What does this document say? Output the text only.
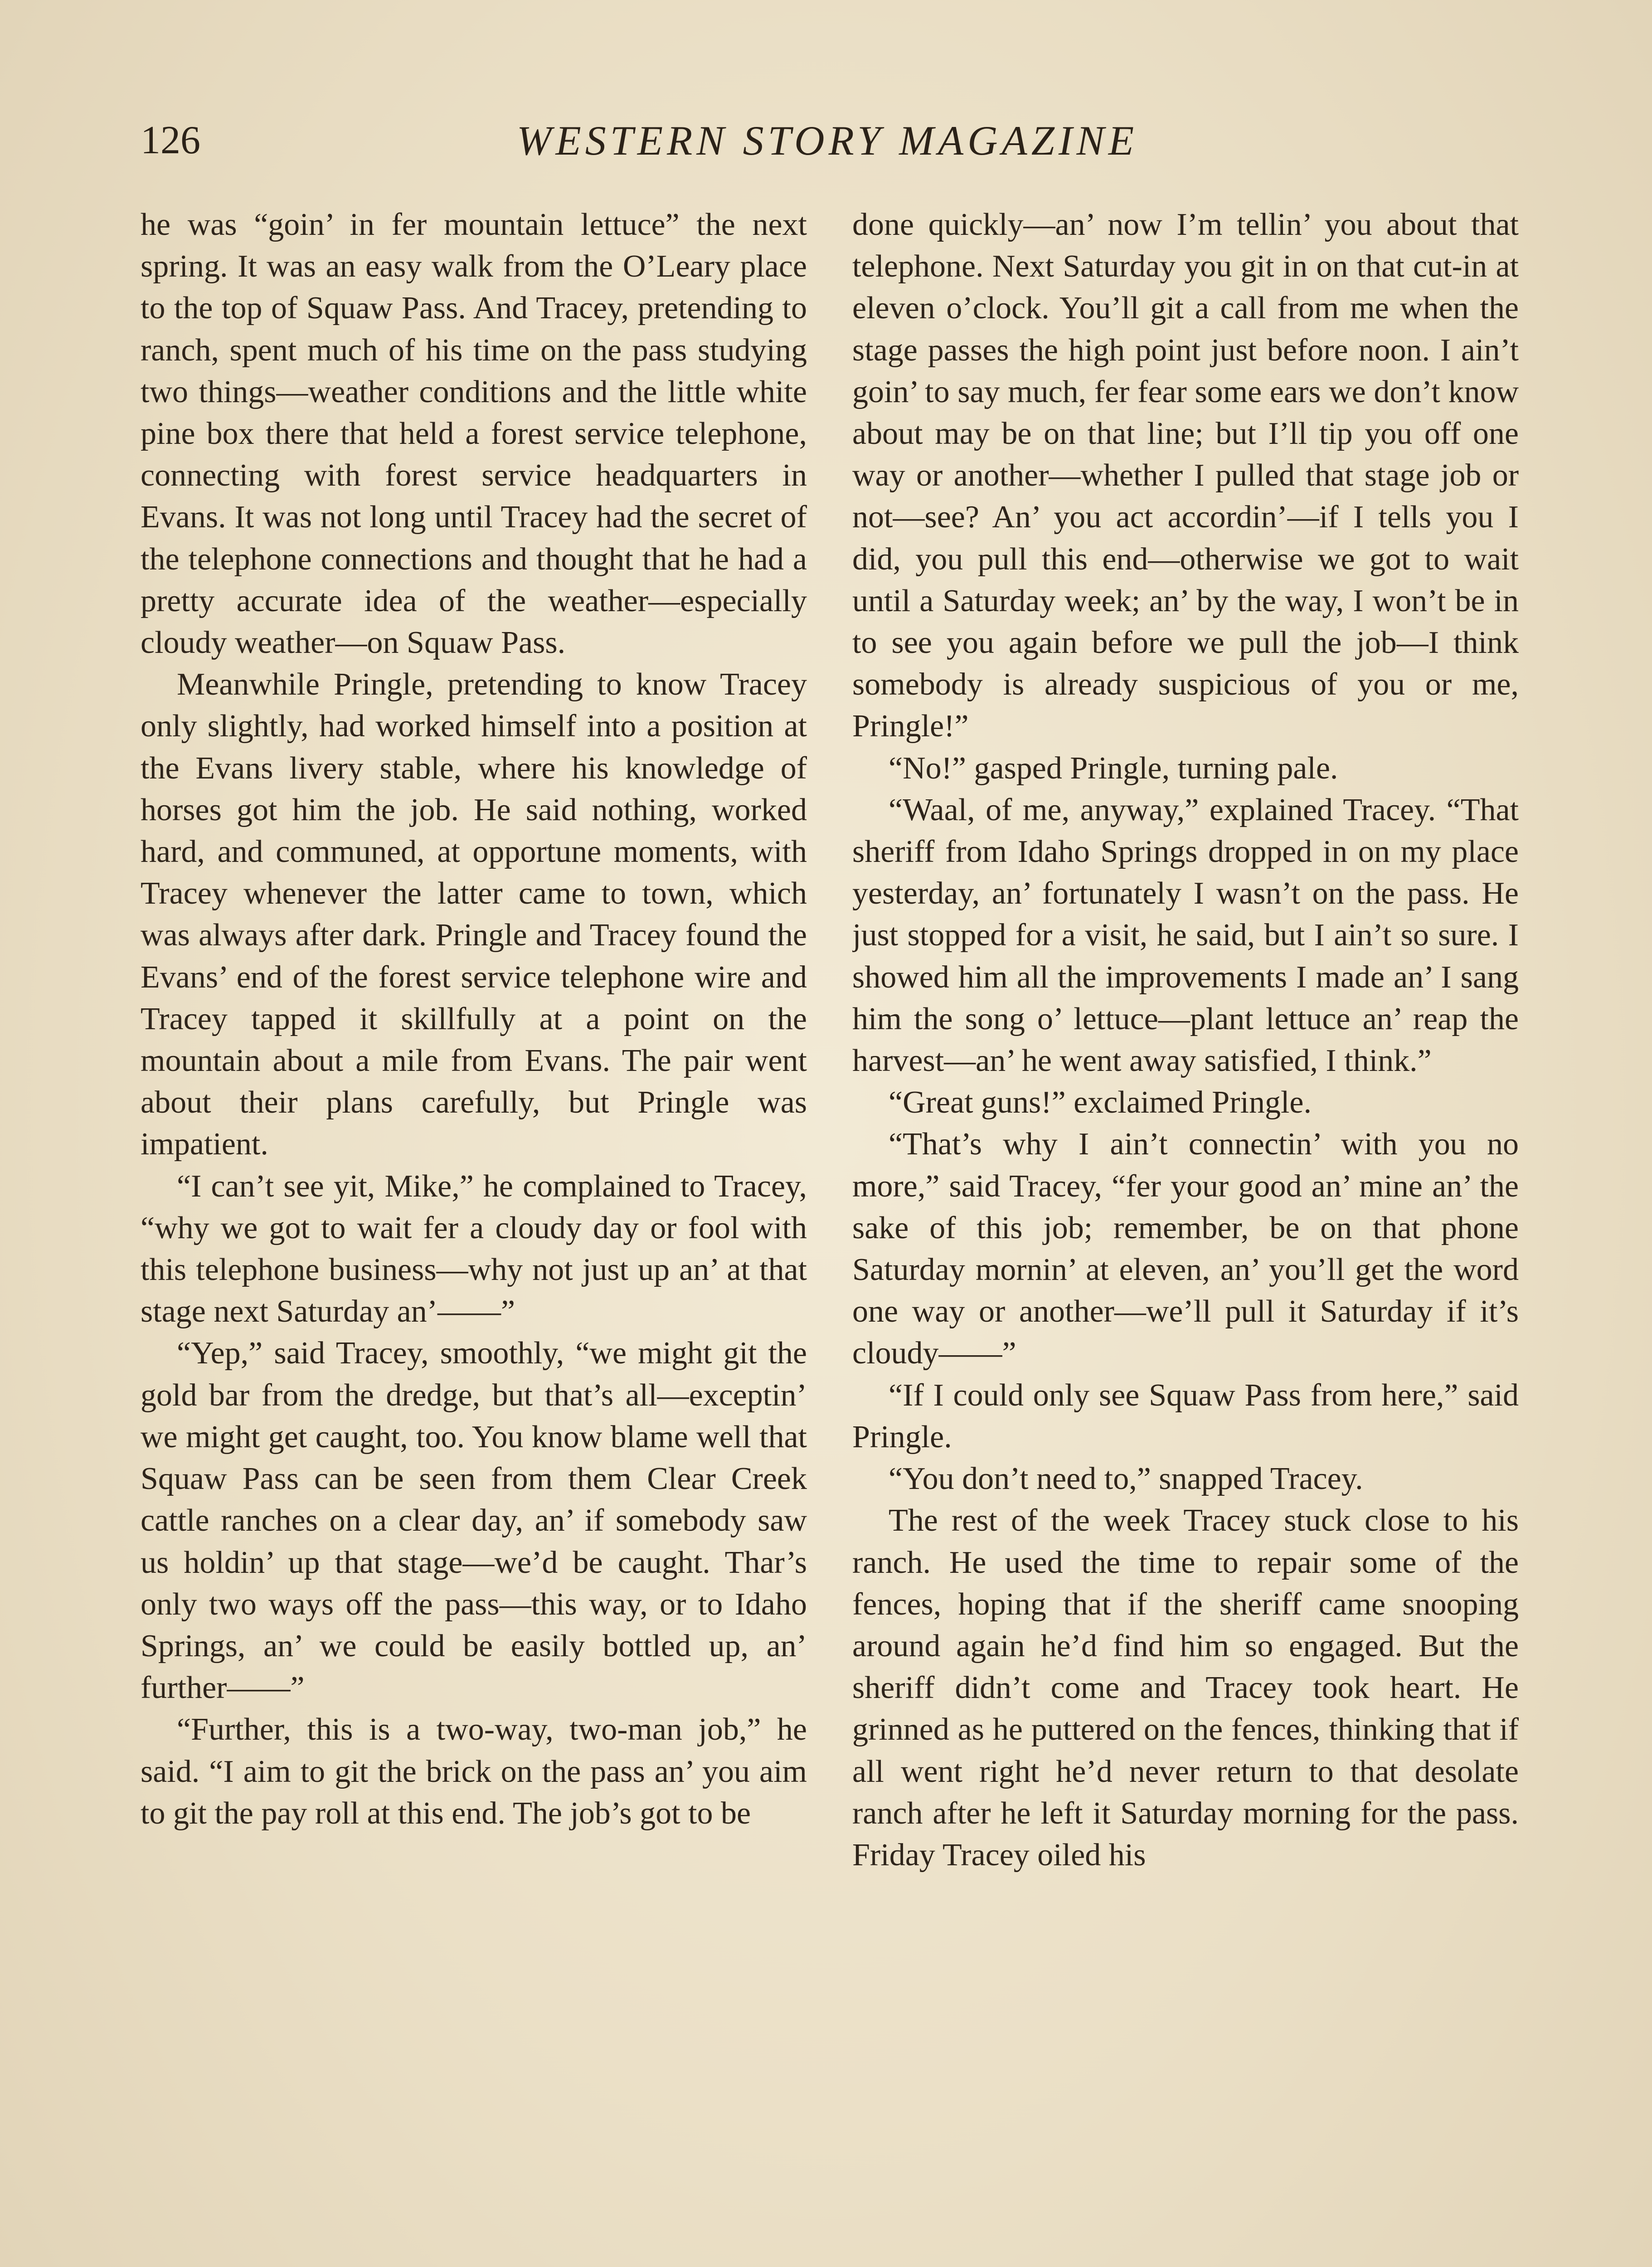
126	WESTERN STORY MAGAZINE

he was “goin’ in fer mountain lettuce” the next spring. It was an easy walk from the O’Leary place to the top of Squaw Pass. And Tracey, pretending to ranch, spent much of his time on the pass studying two things—weather conditions and the little white pine box there that held a forest service telephone, connecting with forest service headquarters in Evans. It was not long until Tracey had the secret of the telephone connections and thought that he had a pretty accurate idea of the weather—especially cloudy weather—on Squaw Pass.

Meanwhile Pringle, pretending to know Tracey only slightly, had worked himself into a position at the Evans livery stable, where his knowledge of horses got him the job. He said nothing, worked hard, and communed, at opportune moments, with Tracey whenever the latter came to town, which was always after dark. Pringle and Tracey found the Evans’ end of the forest service telephone wire and Tracey tapped it skillfully at a point on the mountain about a mile from Evans. The pair went about their plans carefully, but Pringle was impatient.

“I can’t see yit, Mike,” he complained to Tracey, “why we got to wait fer a cloudy day or fool with this telephone business—why not just up an’ at that stage next Saturday an’——”

“Yep,” said Tracey, smoothly, “we might git the gold bar from the dredge, but that’s all—exceptin’ we might get caught, too. You know blame well that Squaw Pass can be seen from them Clear Creek cattle ranches on a clear day, an’ if somebody saw us holdin’ up that stage—we’d be caught. Thar’s only two ways off the pass—this way, or to Idaho Springs, an’ we could be easily bottled up, an’ further——”

“Further, this is a two-way, two-man job,” he said. “I aim to git the brick on the pass an’ you aim to git the pay roll at this end. The job’s got to be

done quickly—an’ now I’m tellin’ you about that telephone. Next Saturday you git in on that cut-in at eleven o’clock. You’ll git a call from me when the stage passes the high point just before noon. I ain’t goin’ to say much, fer fear some ears we don’t know about may be on that line; but I’ll tip you off one way or another—whether I pulled that stage job or not—see? An’ you act accordin’—if I tells you I did, you pull this end—otherwise we got to wait until a Saturday week; an’ by the way, I won’t be in to see you again before we pull the job—I think somebody is already suspicious of you or me, Pringle!”

“No!” gasped Pringle, turning pale.

“Waal, of me, anyway,” explained Tracey. “That sheriff from Idaho Springs dropped in on my place yesterday, an’ fortunately I wasn’t on the pass. He just stopped for a visit, he said, but I ain’t so sure. I showed him all the improvements I made an’ I sang him the song o’ lettuce—plant lettuce an’ reap the harvest—an’ he went away satisfied, I think.”

“Great guns!” exclaimed Pringle.

“That’s why I ain’t connectin’ with you no more,” said Tracey, “fer your good an’ mine an’ the sake of this job; remember, be on that phone Saturday mornin’ at eleven, an’ you’ll get the word one way or another—we’ll pull it Saturday if it’s cloudy——”

“If I could only see Squaw Pass from here,” said Pringle.

“You don’t need to,” snapped Tracey.

The rest of the week Tracey stuck close to his ranch. He used the time to repair some of the fences, hoping that if the sheriff came snooping around again he’d find him so engaged. But the sheriff didn’t come and Tracey took heart. He grinned as he puttered on the fences, thinking that if all went right he’d never return to that desolate ranch after he left it Saturday morning for the pass. Friday Tracey oiled his
